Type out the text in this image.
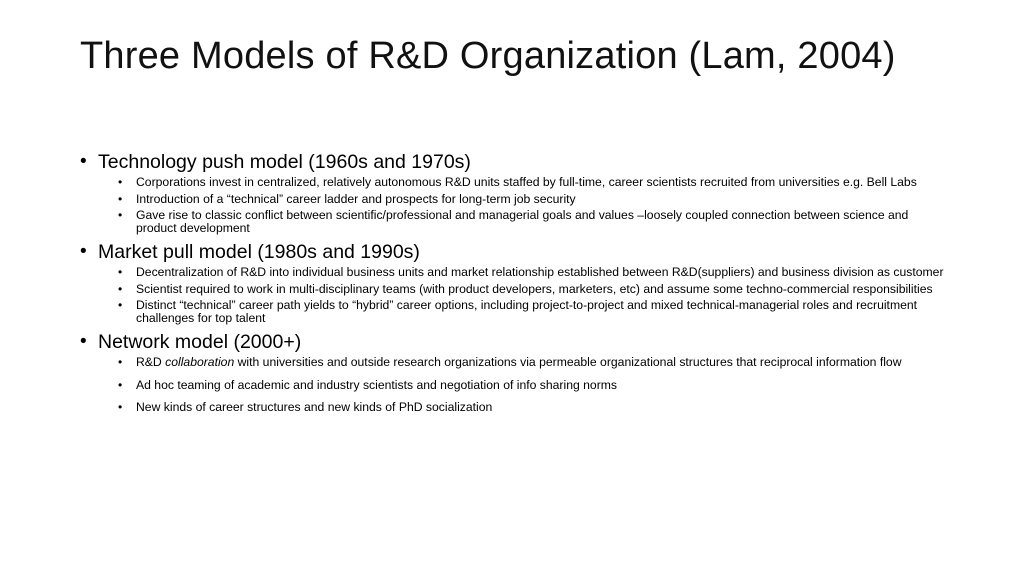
Three Models of R&D Organization (Lam, 2004)
• Technology push model (1960s and 1970s)
• Corporations invest in centralized, relatively autonomous R&D units staffed by full-time, career scientists recruited from universities e.g. Bell Labs
• Introduction of a “technical” career ladder and prospects for long-term job security
• Gave rise to classic conflict between scientific/professional and managerial goals and values –loosely coupled connection between science and product development
• Market pull model (1980s and 1990s)
• Decentralization of R&D into individual business units and market relationship established between R&D(suppliers) and business division as customer
• Scientist required to work in multi-disciplinary teams (with product developers, marketers, etc) and assume some techno-commercial responsibilities
• Distinct “technical” career path yields to “hybrid” career options, including project-to-project and mixed technical-managerial roles and recruitment challenges for top talent
• Network model (2000+)
• R&D collaboration with universities and outside research organizations via permeable organizational structures that reciprocal information flow
• Ad hoc teaming of academic and industry scientists and negotiation of info sharing norms
• New kinds of career structures and new kinds of PhD socialization
